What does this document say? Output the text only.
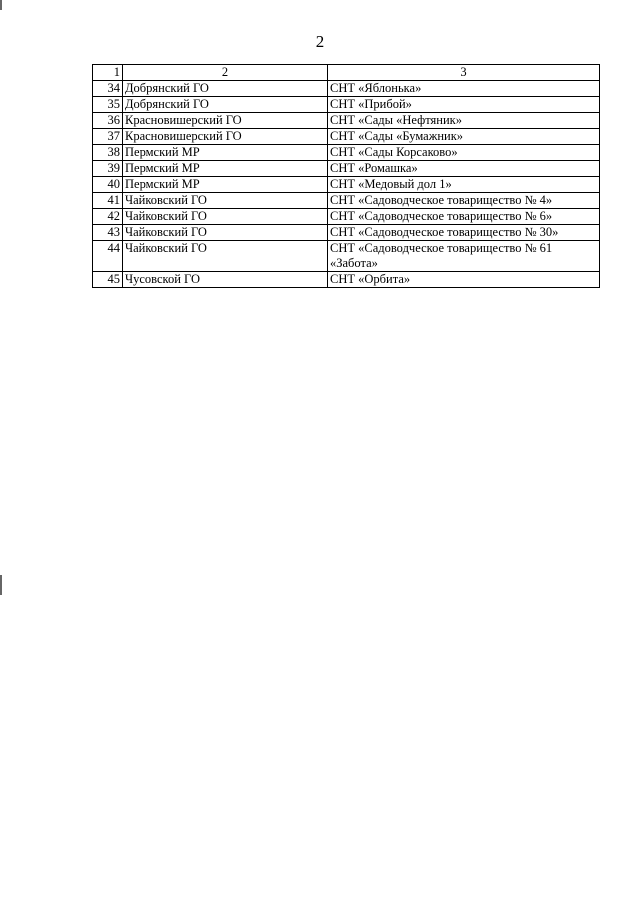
2
1	2	3
34	Добрянский ГО	СНТ «Яблонька»
35	Добрянский ГО	СНТ «Прибой»
36	Красновишерский ГО	СНТ «Сады «Нефтяник»
37	Красновишерский ГО	СНТ «Сады «Бумажник»
38	Пермский МР	СНТ «Сады Корсаково»
39	Пермский МР	СНТ «Ромашка»
40	Пермский МР	СНТ «Медовый дол 1»
41	Чайковский ГО	СНТ «Садоводческое товарищество № 4»
42	Чайковский ГО	СНТ «Садоводческое товарищество № 6»
43	Чайковский ГО	СНТ «Садоводческое товарищество № 30»
44	Чайковский ГО	СНТ «Садоводческое товарищество № 61 «Забота»
45	Чусовской ГО	СНТ «Орбита»
